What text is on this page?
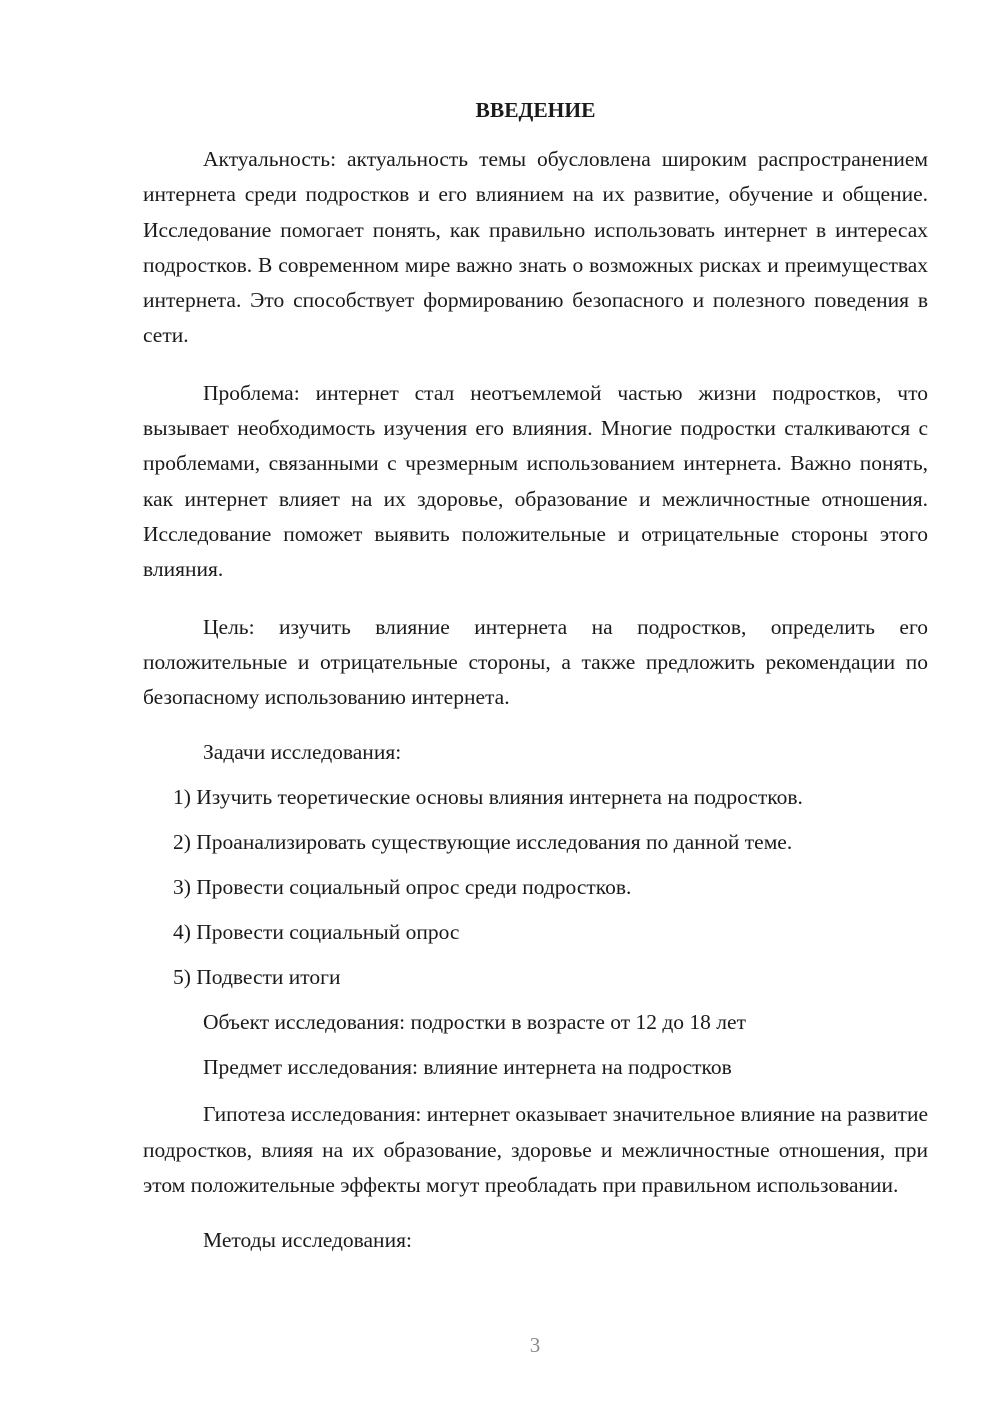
ВВЕДЕНИЕ

Актуальность: актуальность темы обусловлена широким распространением интернета среди подростков и его влиянием на их развитие, обучение и общение. Исследование помогает понять, как правильно использовать интернет в интересах подростков. В современном мире важно знать о возможных рисках и преимуществах интернета. Это способствует формированию безопасного и полезного поведения в сети.

Проблема: интернет стал неотъемлемой частью жизни подростков, что вызывает необходимость изучения его влияния. Многие подростки сталкиваются с проблемами, связанными с чрезмерным использованием интернета. Важно понять, как интернет влияет на их здоровье, образование и межличностные отношения. Исследование поможет выявить положительные и отрицательные стороны этого влияния.

Цель: изучить влияние интернета на подростков, определить его положительные и отрицательные стороны, а также предложить рекомендации по безопасному использованию интернета.

Задачи исследования:
1) Изучить теоретические основы влияния интернета на подростков.
2) Проанализировать существующие исследования по данной теме.
3) Провести социальный опрос среди подростков.
4) Провести социальный опрос
5) Подвести итоги
Объект исследования: подростки в возрасте от 12 до 18 лет
Предмет исследования: влияние интернета на подростков

Гипотеза исследования: интернет оказывает значительное влияние на развитие подростков, влияя на их образование, здоровье и межличностные отношения, при этом положительные эффекты могут преобладать при правильном использовании.

Методы исследования:
3
